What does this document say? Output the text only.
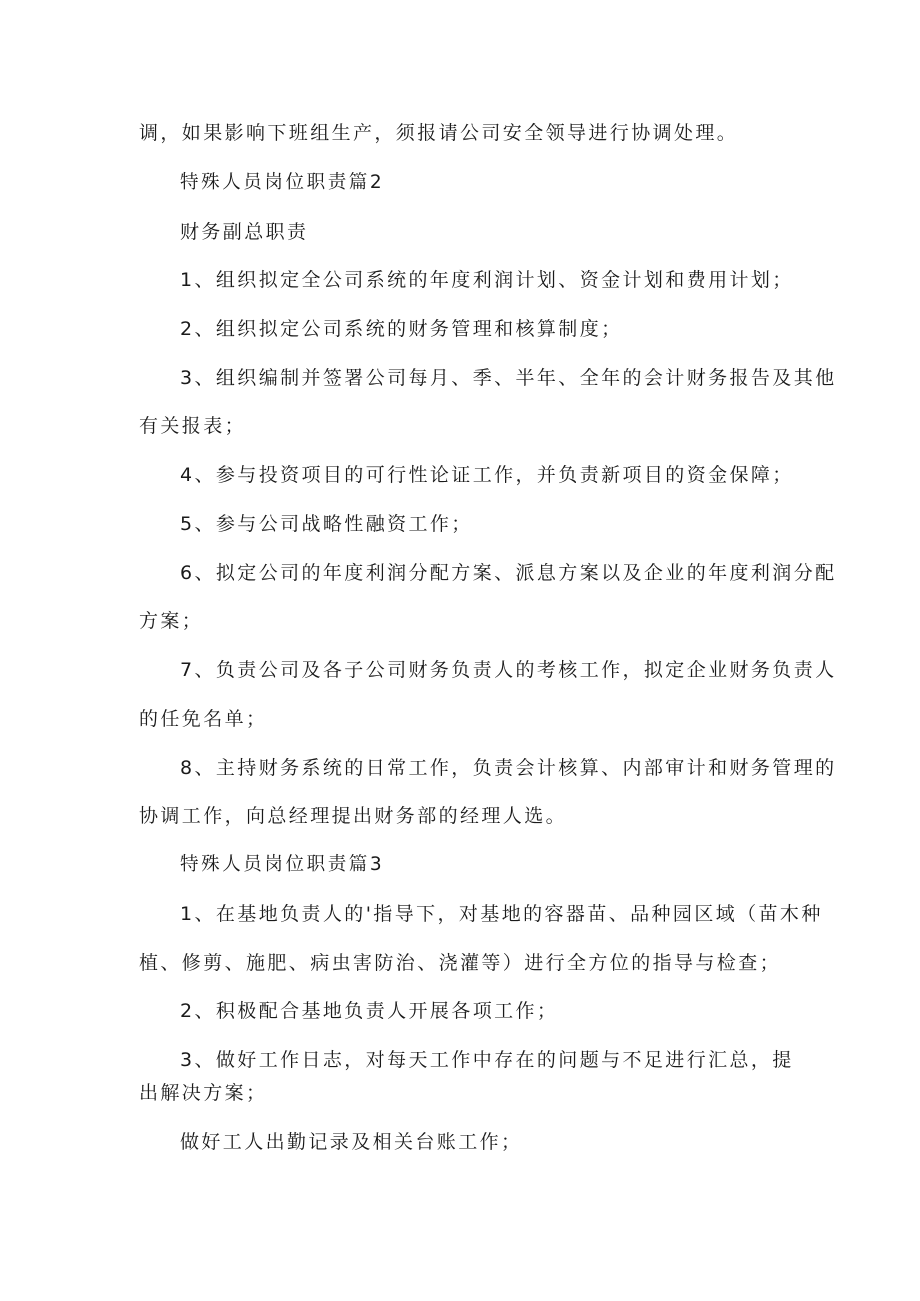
调，如果影响下班组生产，须报请公司安全领导进行协调处理。
特殊人员岗位职责篇2
财务副总职责
1、组织拟定全公司系统的年度利润计划、资金计划和费用计划；
2、组织拟定公司系统的财务管理和核算制度；
3、组织编制并签署公司每月、季、半年、全年的会计财务报告及其他
有关报表；
4、参与投资项目的可行性论证工作，并负责新项目的资金保障；
5、参与公司战略性融资工作；
6、拟定公司的年度利润分配方案、派息方案以及企业的年度利润分配
方案；
7、负责公司及各子公司财务负责人的考核工作，拟定企业财务负责人
的任免名单；
8、主持财务系统的日常工作，负责会计核算、内部审计和财务管理的
协调工作，向总经理提出财务部的经理人选。
特殊人员岗位职责篇3
1、在基地负责人的'指导下，对基地的容器苗、品种园区域（苗木种
植、修剪、施肥、病虫害防治、浇灌等）进行全方位的指导与检查；
2、积极配合基地负责人开展各项工作；
3、做好工作日志，对每天工作中存在的问题与不足进行汇总，提
出解决方案；
做好工人出勤记录及相关台账工作；
